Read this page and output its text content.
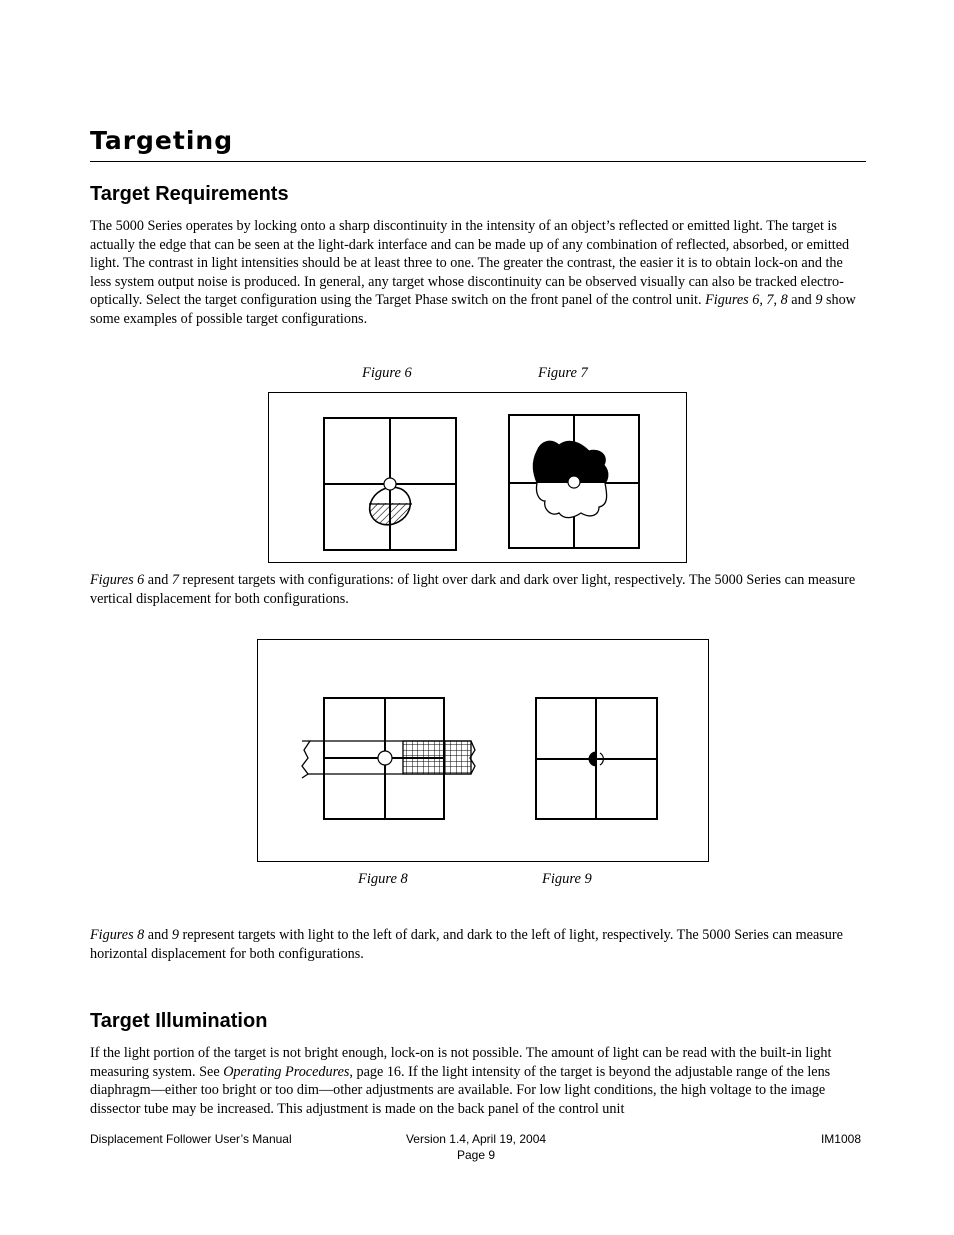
Targeting
Target Requirements

The 5000 Series operates by locking onto a sharp discontinuity in the intensity of an object’s reflected or emitted light. The target is actually the edge that can be seen at the light-dark interface and can be made up of any combination of reflected, absorbed, or emitted light. The contrast in light intensities should be at least three to one. The greater the contrast, the easier it is to obtain lock-on and the less system output noise is produced. In general, any target whose discontinuity can be observed visually can also be tracked electro-optically. Select the target configuration using the Target Phase switch on the front panel of the control unit. Figures 6, 7, 8 and 9 show some examples of possible target configurations.

Figure 6	Figure 7

Figures 6 and 7 represent targets with configurations: of light over dark and dark over light, respectively. The 5000 Series can measure vertical displacement for both configurations.

Figure 8	Figure 9

Figures 8 and 9 represent targets with light to the left of dark, and dark to the left of light, respectively. The 5000 Series can measure horizontal displacement for both configurations.

Target Illumination

If the light portion of the target is not bright enough, lock-on is not possible. The amount of light can be read with the built-in light measuring system. See Operating Procedures, page 16. If the light intensity of the target is beyond the adjustable range of the lens diaphragm—either too bright or too dim—other adjustments are available. For low light conditions, the high voltage to the image dissector tube may be increased. This adjustment is made on the back panel of the control unit

Displacement Follower User’s Manual	Version 1.4, April 19, 2004
Page 9
IM1008
